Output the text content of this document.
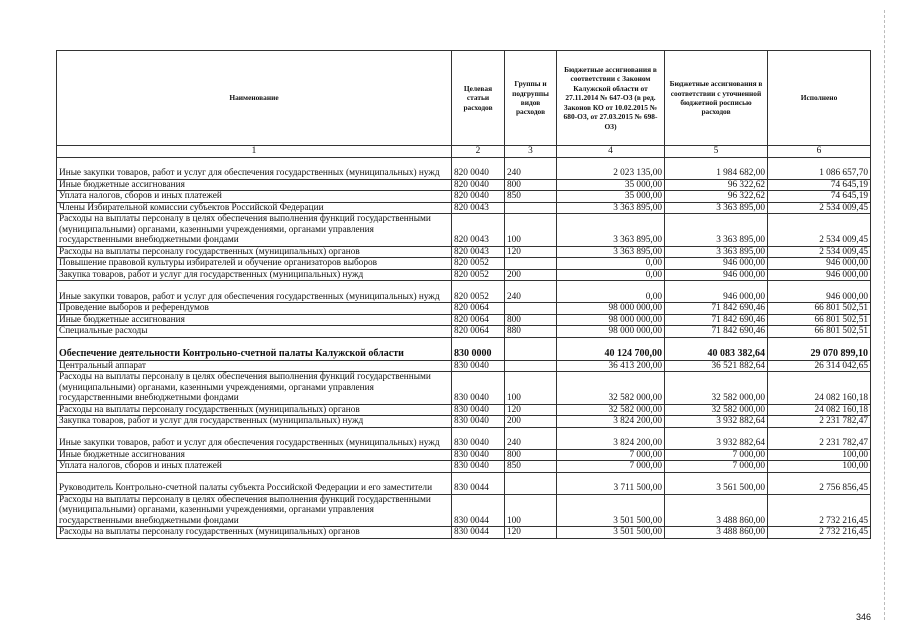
Наименование	Целевая статьи расходов	Группы и подгруппы видов расходов	Бюджетные ассигнования в соответствии с Законом Калужской области от 27.11.2014 № 647-ОЗ (в ред. Законов КО от 10.02.2015 № 680-ОЗ, от 27.03.2015 № 698-ОЗ)	Бюджетные ассигнования в соответствии с уточненной бюджетной росписью расходов	Исполнено
1	2	3	4	5	6
Иные закупки товаров, работ и услуг для обеспечения государственных (муниципальных) нужд	820 0040	240	2 023 135,00	1 984 682,00	1 086 657,70
Иные бюджетные ассигнования	820 0040	800	35 000,00	96 322,62	74 645,19
Уплата налогов, сборов и иных платежей	820 0040	850	35 000,00	96 322,62	74 645,19
Члены Избирательной комиссии субъектов Российской Федерации	820 0043		3 363 895,00	3 363 895,00	2 534 009,45
Расходы на выплаты персоналу в целях обеспечения выполнения функций государственными (муниципальными) органами, казенными учреждениями, органами управления государственными внебюджетными фондами	820 0043	100	3 363 895,00	3 363 895,00	2 534 009,45
Расходы на выплаты персоналу государственных (муниципальных) органов	820 0043	120	3 363 895,00	3 363 895,00	2 534 009,45
Повышение правовой культуры избирателей и обучение организаторов выборов	820 0052		0,00	946 000,00	946 000,00
Закупка товаров, работ и услуг для государственных (муниципальных) нужд	820 0052	200	0,00	946 000,00	946 000,00
Иные закупки товаров, работ и услуг для обеспечения государственных (муниципальных) нужд	820 0052	240	0,00	946 000,00	946 000,00
Проведение выборов и референдумов	820 0064		98 000 000,00	71 842 690,46	66 801 502,51
Иные бюджетные ассигнования	820 0064	800	98 000 000,00	71 842 690,46	66 801 502,51
Специальные расходы	820 0064	880	98 000 000,00	71 842 690,46	66 801 502,51
Обеспечение деятельности Контрольно-счетной палаты Калужской области	830 0000		40 124 700,00	40 083 382,64	29 070 899,10
Центральный аппарат	830 0040		36 413 200,00	36 521 882,64	26 314 042,65
Расходы на выплаты персоналу в целях обеспечения выполнения функций государственными (муниципальными) органами, казенными учреждениями, органами управления государственными внебюджетными фондами	830 0040	100	32 582 000,00	32 582 000,00	24 082 160,18
Расходы на выплаты персоналу государственных (муниципальных) органов	830 0040	120	32 582 000,00	32 582 000,00	24 082 160,18
Закупка товаров, работ и услуг для государственных (муниципальных) нужд	830 0040	200	3 824 200,00	3 932 882,64	2 231 782,47
Иные закупки товаров, работ и услуг для обеспечения государственных (муниципальных) нужд	830 0040	240	3 824 200,00	3 932 882,64	2 231 782,47
Иные бюджетные ассигнования	830 0040	800	7 000,00	7 000,00	100,00
Уплата налогов, сборов и иных платежей	830 0040	850	7 000,00	7 000,00	100,00
Руководитель Контрольно-счетной палаты субъекта Российской Федерации и его заместители	830 0044		3 711 500,00	3 561 500,00	2 756 856,45
Расходы на выплаты персоналу в целях обеспечения выполнения функций государственными (муниципальными) органами, казенными учреждениями, органами управления государственными внебюджетными фондами	830 0044	100	3 501 500,00	3 488 860,00	2 732 216,45
Расходы на выплаты персоналу государственных (муниципальных) органов	830 0044	120	3 501 500,00	3 488 860,00	2 732 216,45
346
